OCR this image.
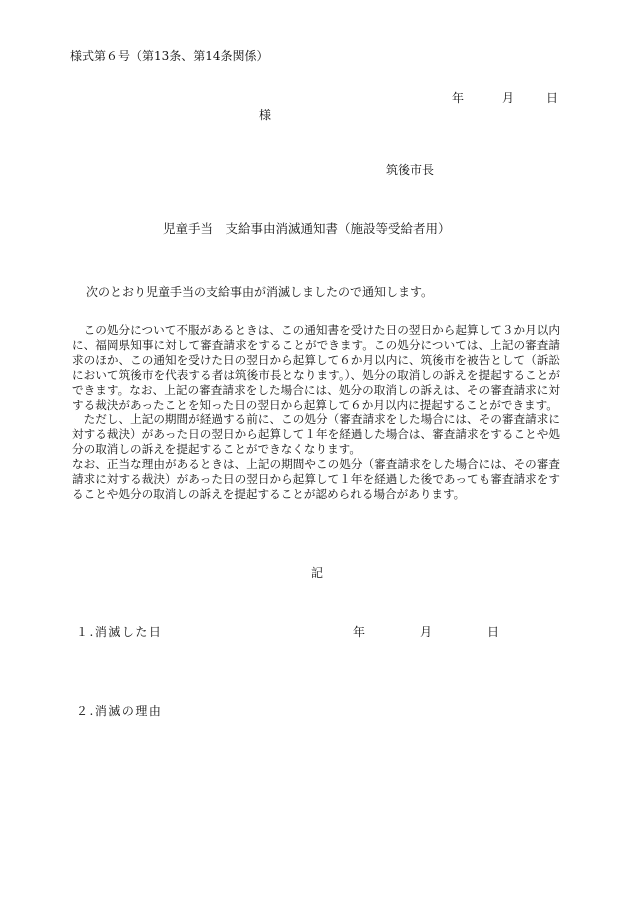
様式第６号（第13条、第14条関係）
年	月	日
様
筑後市長
児童手当　支給事由消滅通知書（施設等受給者用）
次のとおり児童手当の支給事由が消滅しましたので通知します。

この処分について不服があるときは、この通知書を受けた日の翌日から起算して３か月以内に、福岡県知事に対して審査請求をすることができます。この処分については、上記の審査請求のほか、この通知を受けた日の翌日から起算して６か月以内に、筑後市を被告として（訴訟において筑後市を代表する者は筑後市長となります。）、処分の取消しの訴えを提起することができます。なお、上記の審査請求をした場合には、処分の取消しの訴えは、その審査請求に対する裁決があったことを知った日の翌日から起算して６か月以内に提起することができます。

ただし、上記の期間が経過する前に、この処分（審査請求をした場合には、その審査請求に対する裁決）があった日の翌日から起算して１年を経過した場合は、審査請求をすることや処分の取消しの訴えを提起することができなくなります。

なお、正当な理由があるときは、上記の期間やこの処分（審査請求をした場合には、その審査請求に対する裁決）があった日の翌日から起算して１年を経過した後であっても審査請求をすることや処分の取消しの訴えを提起することが認められる場合があります。

記
１.消滅した日	年	月	日
２.消滅の理由
